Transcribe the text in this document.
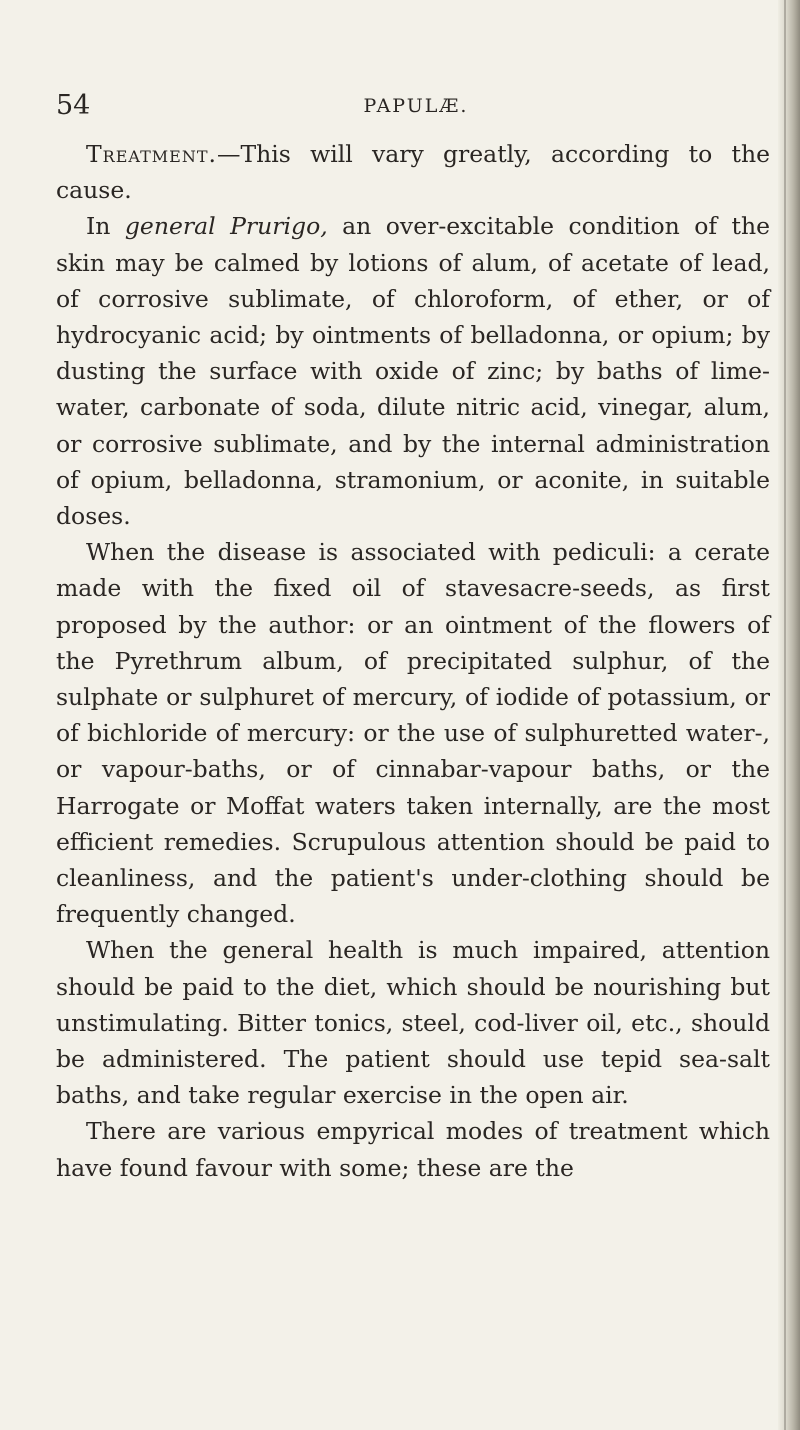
54	PAPULÆ.

Treatment.—This will vary greatly, according to the cause.

In general Prurigo, an over-excitable condition of the skin may be calmed by lotions of alum, of acetate of lead, of corrosive sublimate, of chloroform, of ether, or of hydrocyanic acid; by ointments of belladonna, or opium; by dusting the surface with oxide of zinc; by baths of lime-water, carbonate of soda, dilute nitric acid, vinegar, alum, or corrosive sublimate, and by the internal administration of opium, belladonna, stramonium, or aconite, in suitable doses.

When the disease is associated with pediculi: a cerate made with the fixed oil of stavesacre-seeds, as first proposed by the author: or an ointment of the flowers of the Pyrethrum album, of precipitated sulphur, of the sulphate or sulphuret of mercury, of iodide of potassium, or of bichloride of mercury: or the use of sulphuretted water-, or vapour-baths, or of cinnabar-vapour baths, or the Harrogate or Moffat waters taken internally, are the most efficient remedies. Scrupulous attention should be paid to cleanliness, and the patient's under-clothing should be frequently changed.

When the general health is much impaired, attention should be paid to the diet, which should be nourishing but unstimulating. Bitter tonics, steel, cod-liver oil, etc., should be administered. The patient should use tepid sea-salt baths, and take regular exercise in the open air.

There are various empyrical modes of treatment which have found favour with some; these are the
